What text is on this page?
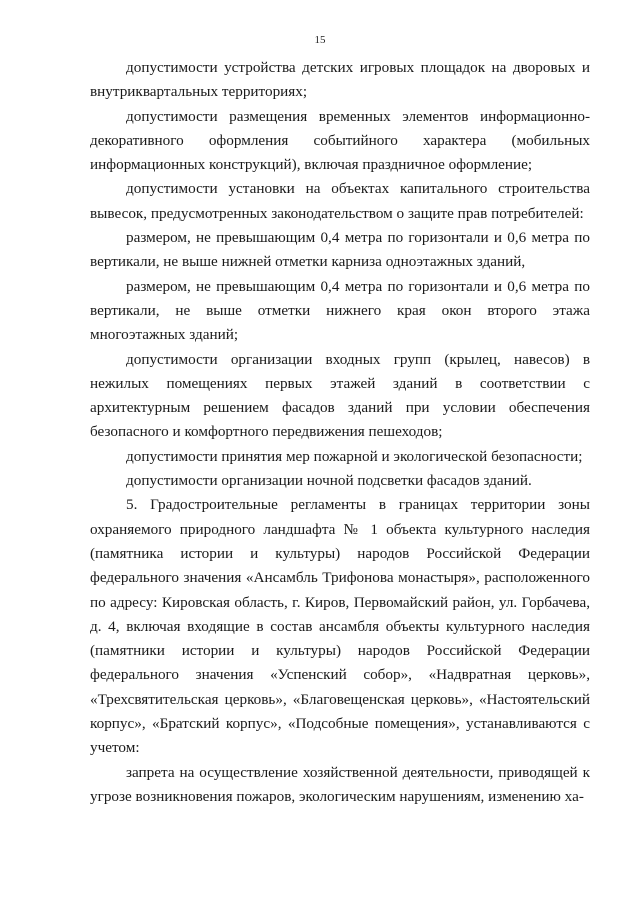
15

допустимости устройства детских игровых площадок на дворовых и внутриквартальных территориях;

допустимости размещения временных элементов информационно-декоративного оформления событийного характера (мобильных информационных конструкций), включая праздничное оформление;

допустимости установки на объектах капитального строительства вывесок, предусмотренных законодательством о защите прав потребителей:

размером, не превышающим 0,4 метра по горизонтали и 0,6 метра по вертикали, не выше нижней отметки карниза одноэтажных зданий,

размером, не превышающим 0,4 метра по горизонтали и 0,6 метра по вертикали, не выше отметки нижнего края окон второго этажа многоэтажных зданий;

допустимости организации входных групп (крылец, навесов) в нежилых помещениях первых этажей зданий в соответствии с архитектурным решением фасадов зданий при условии обеспечения безопасного и комфортного передвижения пешеходов;

допустимости принятия мер пожарной и экологической безопасности;

допустимости организации ночной подсветки фасадов зданий.

5. Градостроительные регламенты в границах территории зоны охраняемого природного ландшафта № 1 объекта культурного наследия (памятника истории и культуры) народов Российской Федерации федерального значения «Ансамбль Трифонова монастыря», расположенного по адресу: Кировская область, г. Киров, Первомайский район, ул. Горбачева, д. 4, включая входящие в состав ансамбля объекты культурного наследия (памятники истории и культуры) народов Российской Федерации федерального значения «Успенский собор», «Надвратная церковь», «Трехсвятительская церковь», «Благовещенская церковь», «Настоятельский корпус», «Братский корпус», «Подсобные помещения», устанавливаются с учетом:

запрета на осуществление хозяйственной деятельности, приводящей к угрозе возникновения пожаров, экологическим нарушениям, изменению ха-
